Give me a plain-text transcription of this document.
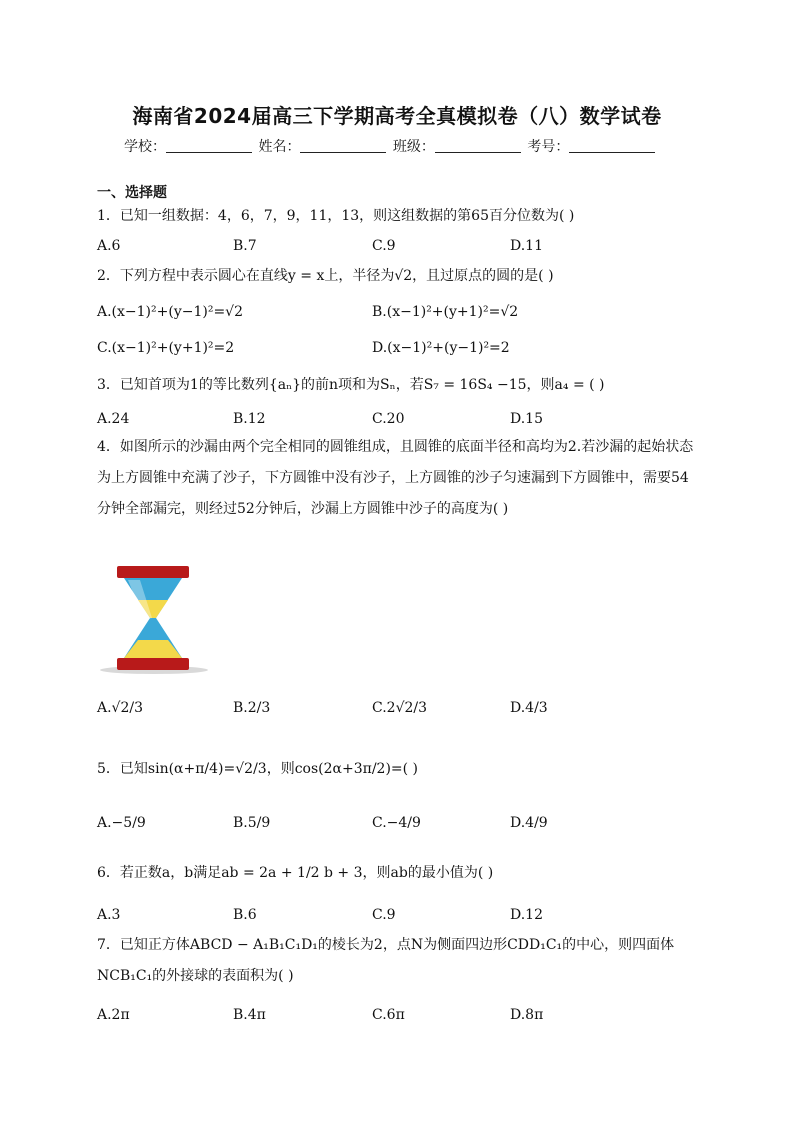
海南省2024届高三下学期高考全真模拟卷（八）数学试卷
学校：	姓名：	班级：	考号：
一、选择题
1．已知一组数据：4，6，7，9，11，13，则这组数据的第65百分位数为( )
A.6	B.7	C.9	D.11
2．下列方程中表示圆心在直线y = x上，半径为√2，且过原点的圆的是( )
A.(x−1)²+(y−1)²=√2	B.(x−1)²+(y+1)²=√2
C.(x−1)²+(y+1)²=2	D.(x−1)²+(y−1)²=2
3．已知首项为1的等比数列{aₙ}的前n项和为Sₙ，若S₇ = 16S₄ −15，则a₄ = ( )
A.24	B.12	C.20	D.15
4．如图所示的沙漏由两个完全相同的圆锥组成，且圆锥的底面半径和高均为2.若沙漏的起始状态为上方圆锥中充满了沙子，下方圆锥中没有沙子，上方圆锥的沙子匀速漏到下方圆锥中，需要54分钟全部漏完，则经过52分钟后，沙漏上方圆锥中沙子的高度为( )
A.√2/3	B.2/3	C.2√2/3	D.4/3
5．已知sin(α+π/4)=√2/3，则cos(2α+3π/2)=( )
A.−5/9	B.5/9	C.−4/9	D.4/9
6．若正数a，b满足ab = 2a + 1/2 b + 3，则ab的最小值为( )
A.3	B.6	C.9	D.12
7．已知正方体ABCD − A₁B₁C₁D₁的棱长为2，点N为侧面四边形CDD₁C₁的中心，则四面体NCB₁C₁的外接球的表面积为( )
A.2π	B.4π	C.6π	D.8π
